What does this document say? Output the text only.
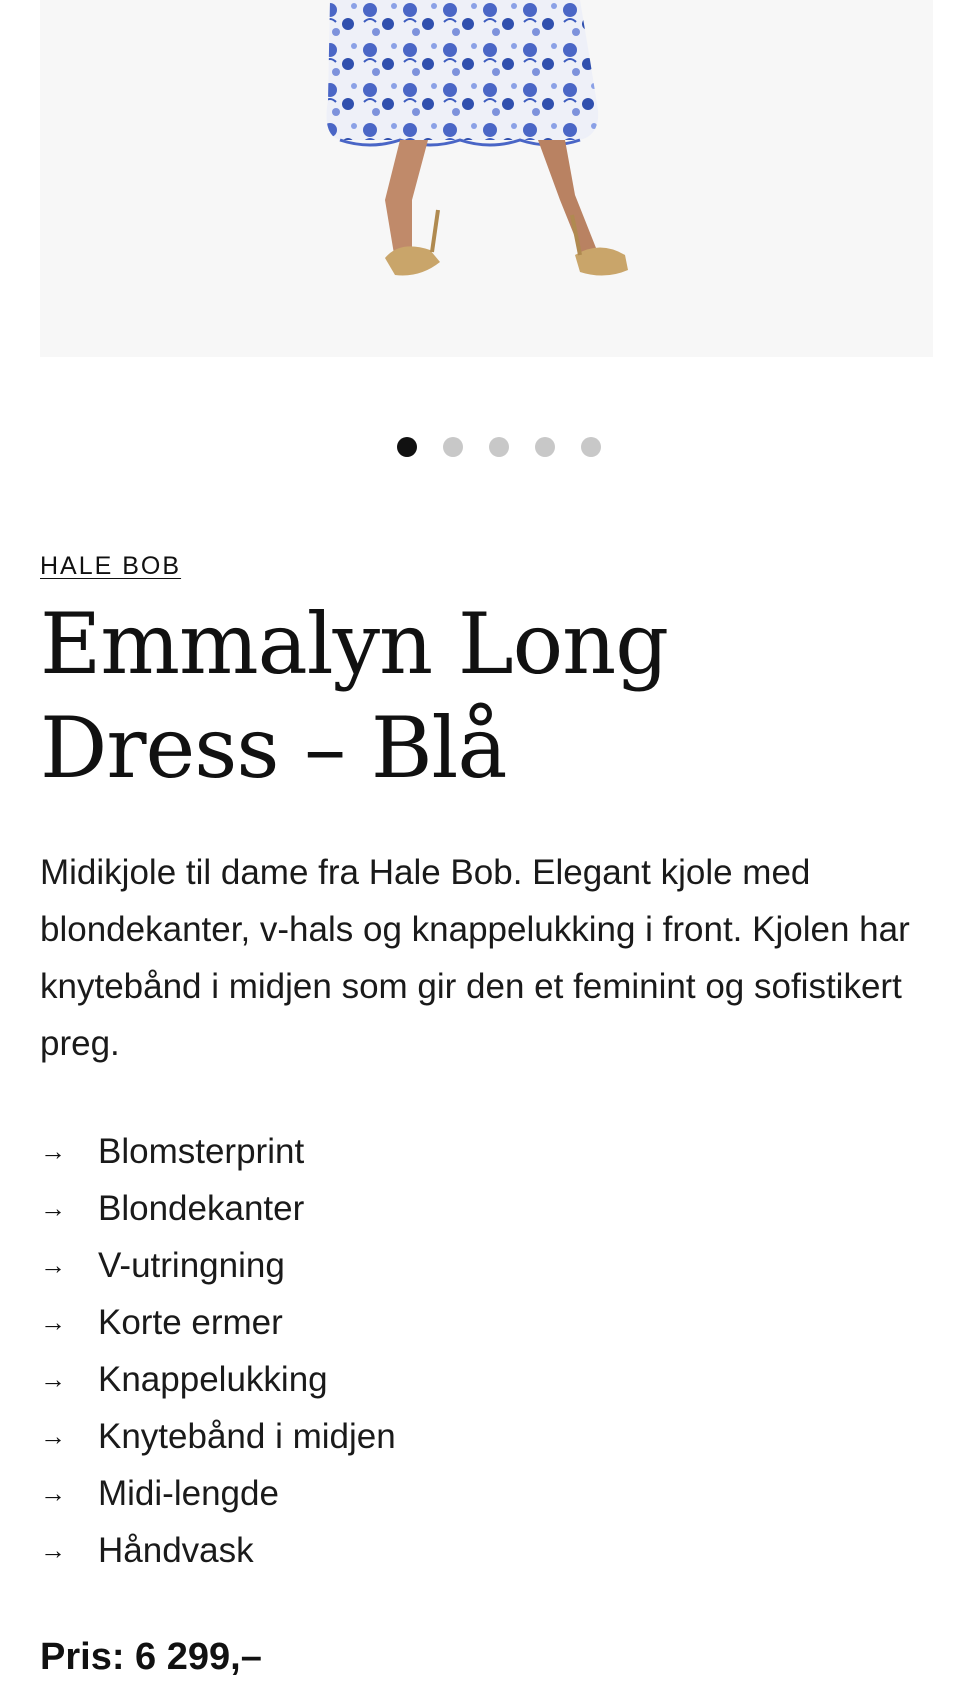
HALE BOB
Emmalyn Long Dress – Blå

Midikjole til dame fra Hale Bob. Elegant kjole med blondekanter, v-hals og knappelukking i front. Kjolen har knytebånd i midjen som gir den et feminint og sofistikert preg.

→ Blomsterprint
→ Blondekanter
→ V-utringning
→ Korte ermer
→ Knappelukking
→ Knytebånd i midjen
→ Midi-lengde
→ Håndvask
Pris: 6 299,–
